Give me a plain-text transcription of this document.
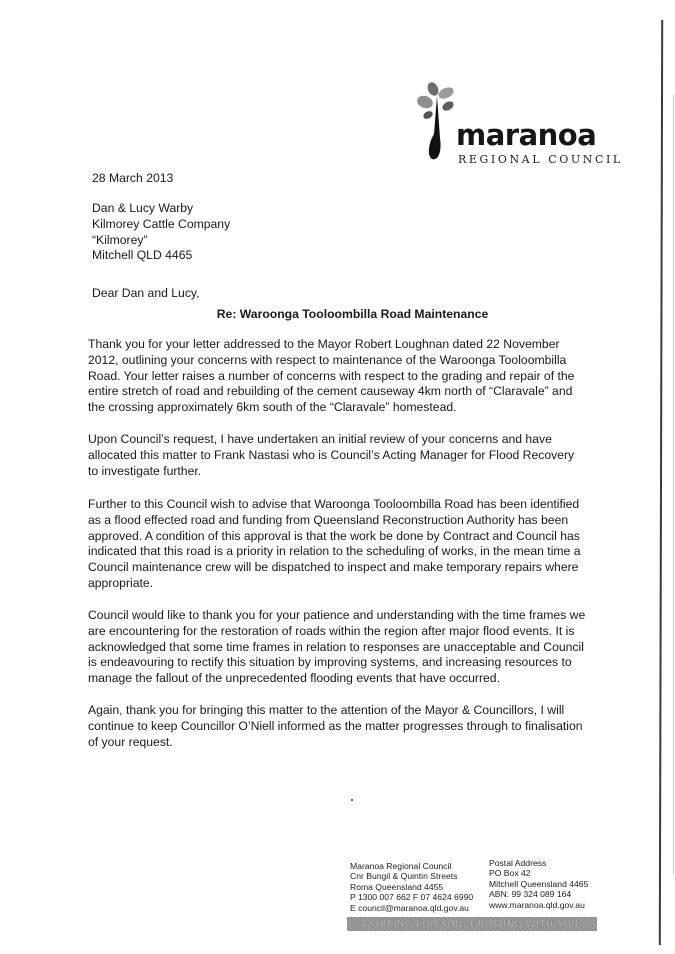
maranoa
REGIONAL COUNCIL
28 March 2013
Dan & Lucy Warby
Kilmorey Cattle Company
“Kilmorey”
Mitchell QLD 4465
Dear Dan and Lucy,
Re: Waroonga Tooloombilla Road Maintenance
Thank you for your letter addressed to the Mayor Robert Loughnan dated 22 November
2012, outlining your concerns with respect to maintenance of the Waroonga Tooloombilla
Road. Your letter raises a number of concerns with respect to the grading and repair of the
entire stretch of road and rebuilding of the cement causeway 4km north of “Claravale” and
the crossing approximately 6km south of the “Claravale” homestead.
Upon Council’s request, I have undertaken an initial review of your concerns and have
allocated this matter to Frank Nastasi who is Council’s Acting Manager for Flood Recovery
to investigate further.
Further to this Council wish to advise that Waroonga Tooloombilla Road has been identified
as a flood effected road and funding from Queensland Reconstruction Authority has been
approved. A condition of this approval is that the work be done by Contract and Council has
indicated that this road is a priority in relation to the scheduling of works, in the mean time a
Council maintenance crew will be dispatched to inspect and make temporary repairs where
appropriate.
Council would like to thank you for your patience and understanding with the time frames we
are encountering for the restoration of roads within the region after major flood events. It is
acknowledged that some time frames in relation to responses are unacceptable and Council
is endeavouring to rectify this situation by improving systems, and increasing resources to
manage the fallout of the unprecedented flooding events that have occurred.
Again, thank you for bringing this matter to the attention of the Mayor & Councillors, I will
continue to keep Councillor O’Niell informed as the matter progresses through to finalisation
of your request.
Maranoa Regional Council
Cnr Bungil & Quintin Streets
Roma Queensland 4455
P 1300 007 662 F 07 4624 6990
E council@maranoa.qld.gov.au
Postal Address
PO Box 42
Mitchell Queensland 4465
ABN: 99 324 089 164
www.maranoa.qld.gov.au
WORKING FOR YOU, GROWING WITH YOU.
